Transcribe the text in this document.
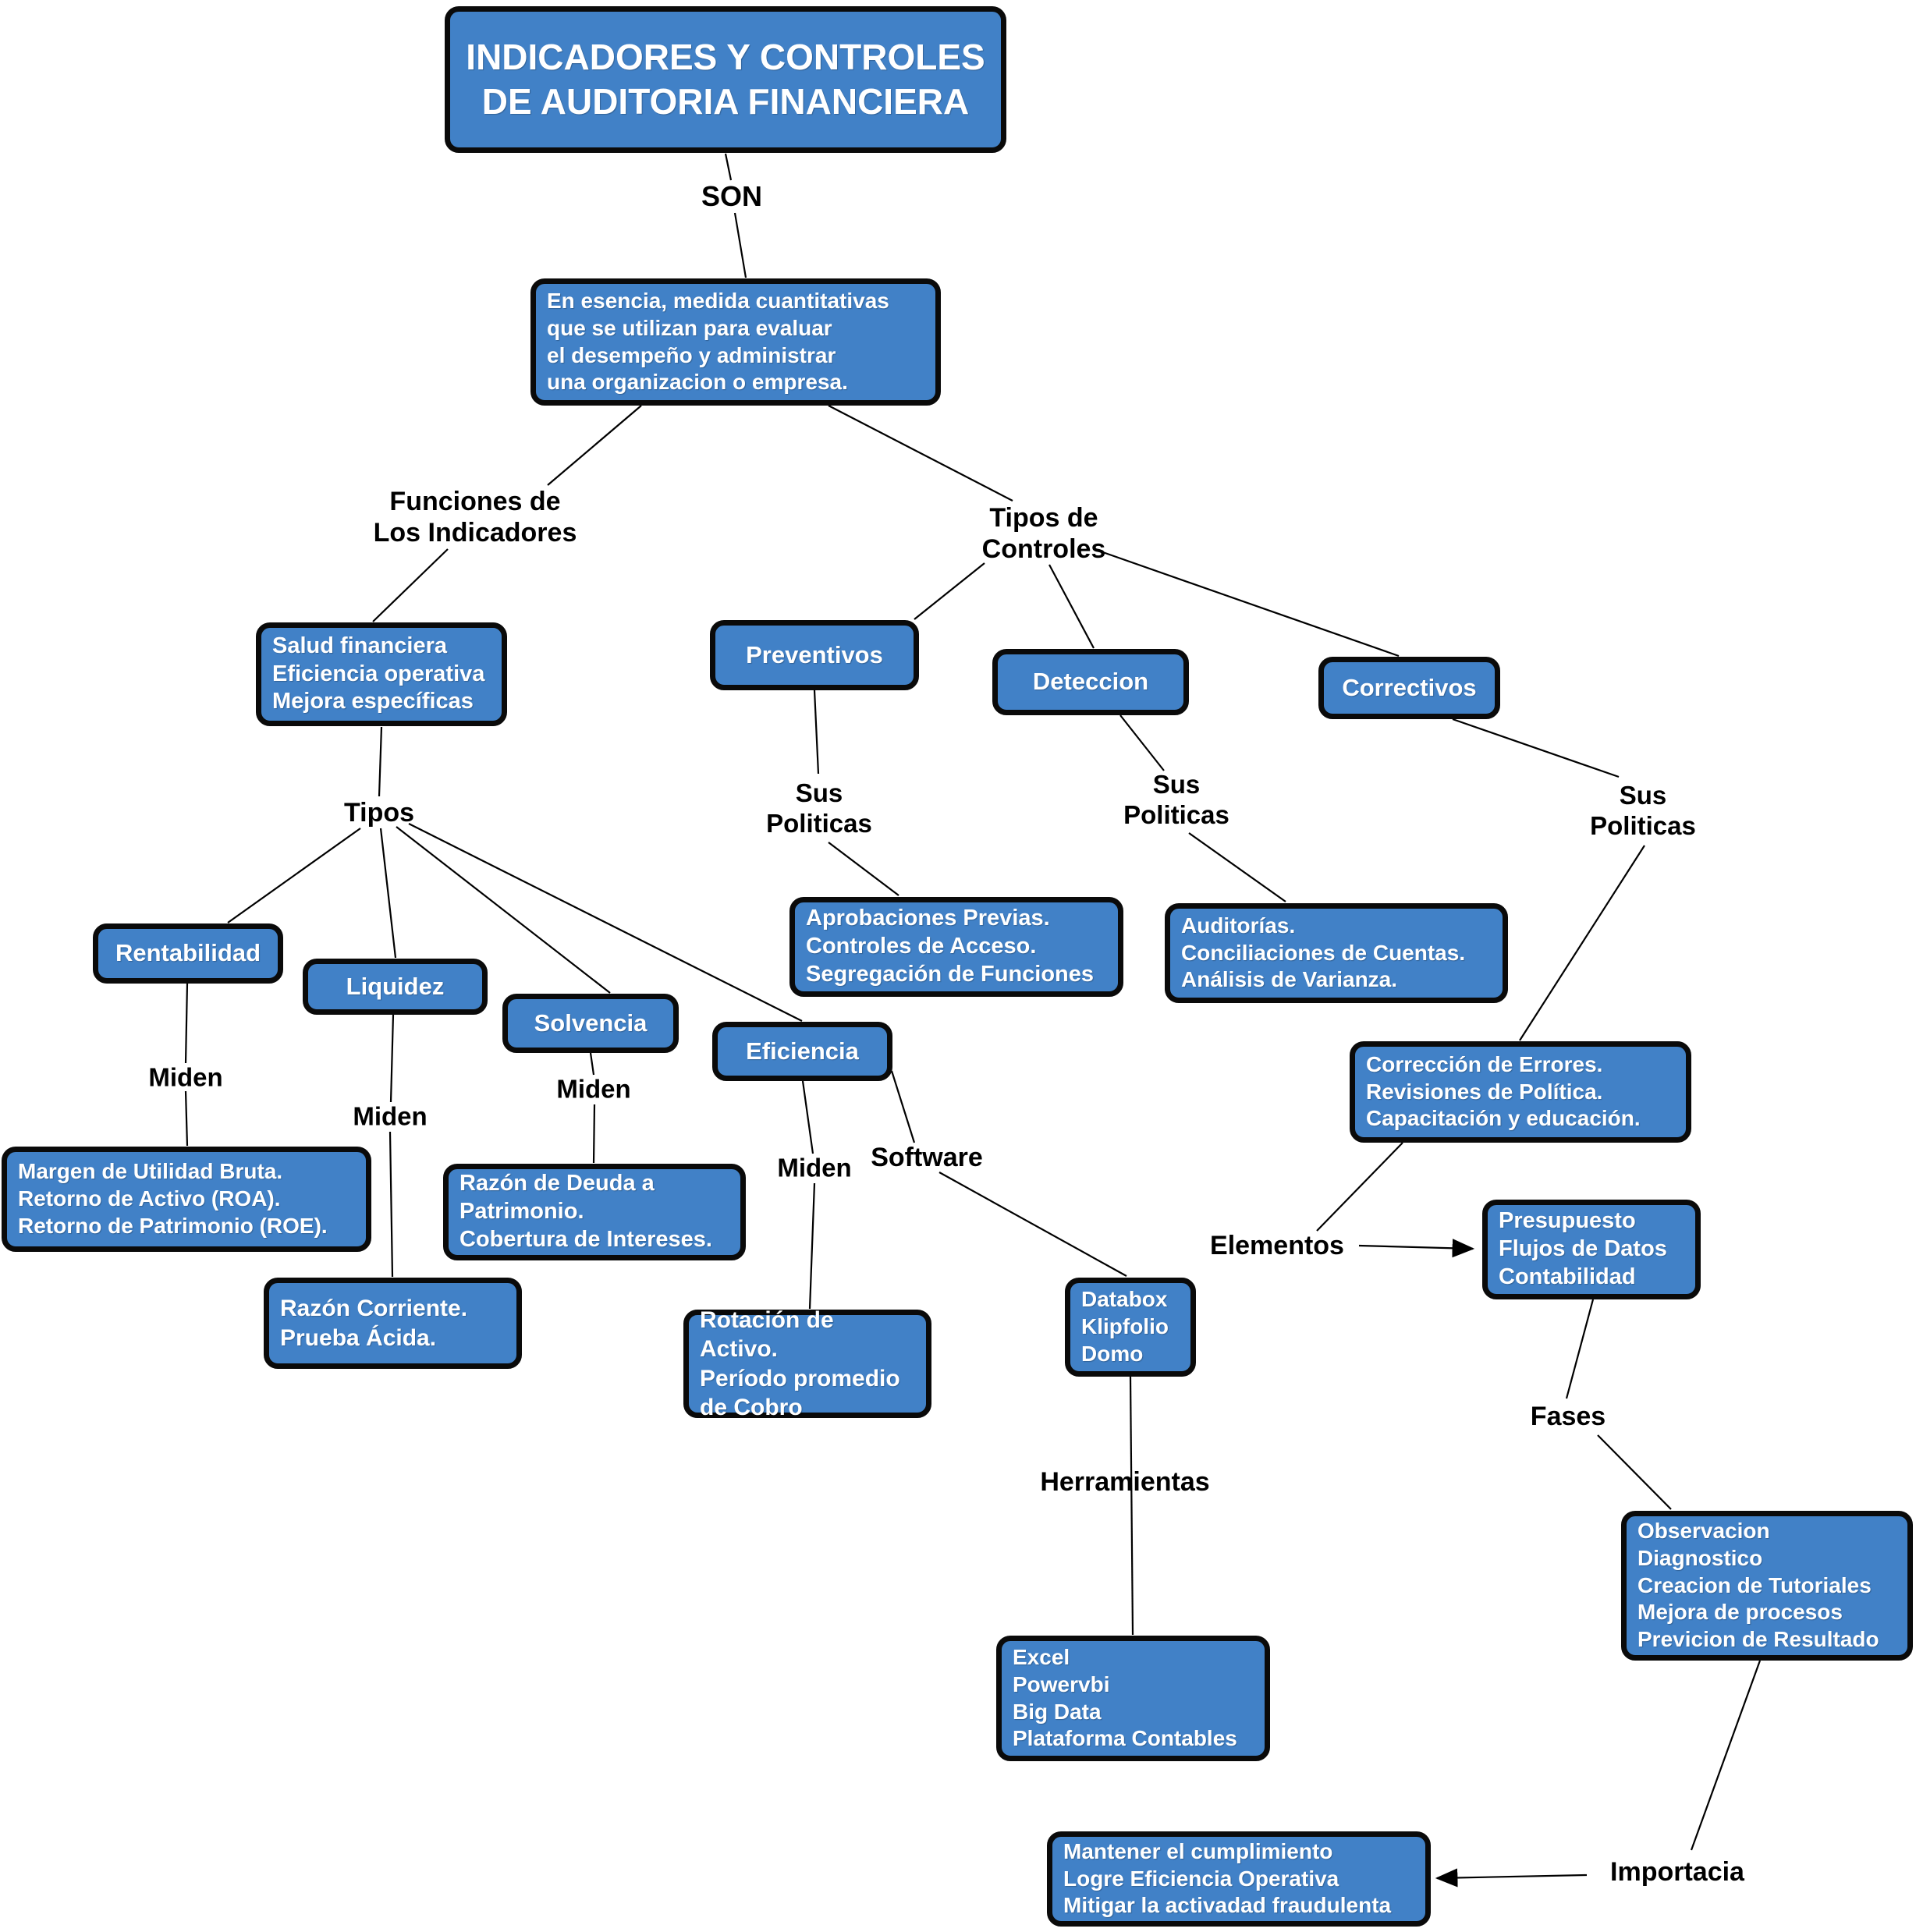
INDICADORES Y CONTROLES
DE AUDITORIA FINANCIERA
En esencia, medida cuantitativas
que se utilizan para evaluar
el desempeño y administrar
una organizacion o empresa.
Salud financiera
Eficiencia operativa
Mejora específicas
Preventivos
Deteccion	Correctivos
Rentabilidad
Liquidez
Solvencia
Eficiencia
Aprobaciones Previas.
Controles de Acceso.
Segregación de Funciones
Auditorías.
Conciliaciones de Cuentas.
Análisis de Varianza.
Corrección de Errores.
Revisiones de Política.
Capacitación y educación.
Margen de Utilidad Bruta.
Retorno de Activo (ROA).
Retorno de Patrimonio (ROE).
Razón de Deuda a
Patrimonio.
Cobertura de Intereses.
Razón Corriente.
Prueba Ácida.
Rotación de Activo.
Período promedio
de Cobro
Databox
Klipfolio
Domo
Presupuesto
Flujos de Datos
Contabilidad
Observacion
Diagnostico
Creacion de Tutoriales
Mejora de procesos
Previcion de Resultado
Excel
Powervbi
Big Data
Plataforma Contables
Mantener el cumplimiento
Logre Eficiencia Operativa
Mitigar la activadad fraudulenta
SON
Funciones de
Los Indicadores
Tipos de
Controles
Tipos
Sus
Politicas
Sus
Politicas
Sus
Politicas
Miden
Miden
Miden
Miden Software
Elementos
Herramientas
Fases
Importacia
